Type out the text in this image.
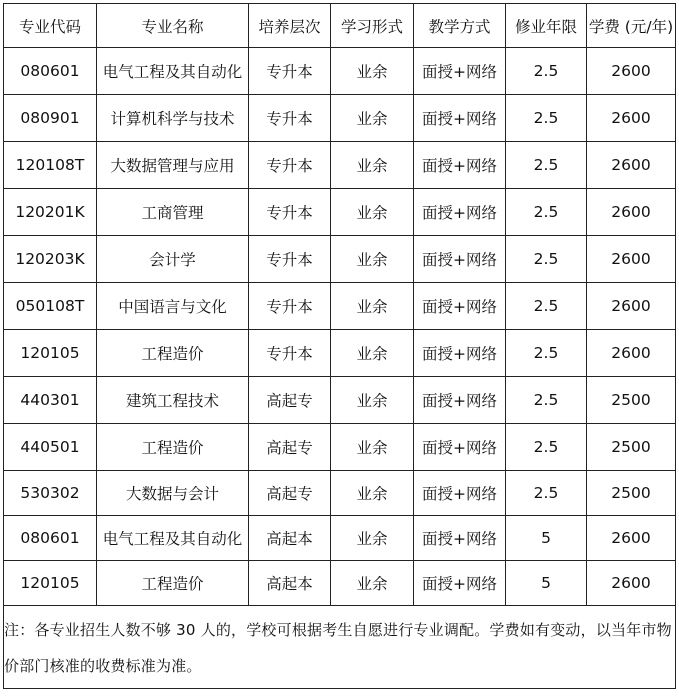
专业代码	专业名称	培养层次	学习形式	教学方式	修业年限	学费 (元/年)
080601	电气工程及其自动化	专升本	业余	面授+网络	2.5	2600
080901	计算机科学与技术	专升本	业余	面授+网络	2.5	2600
120108T	大数据管理与应用	专升本	业余	面授+网络	2.5	2600
120201K	工商管理	专升本	业余	面授+网络	2.5	2600
120203K	会计学	专升本	业余	面授+网络	2.5	2600
050108T	中国语言与文化	专升本	业余	面授+网络	2.5	2600
120105	工程造价	专升本	业余	面授+网络	2.5	2600
440301	建筑工程技术	高起专	业余	面授+网络	2.5	2500
440501	工程造价	高起专	业余	面授+网络	2.5	2500
530302	大数据与会计	高起专	业余	面授+网络	2.5	2500
080601	电气工程及其自动化	高起本	业余	面授+网络	5	2600
120105	工程造价	高起本	业余	面授+网络	5	2600
注：各专业招生人数不够 30 人的，学校可根据考生自愿进行专业调配。学费如有变动，以当年市物价部门核准的收费标准为准。						
